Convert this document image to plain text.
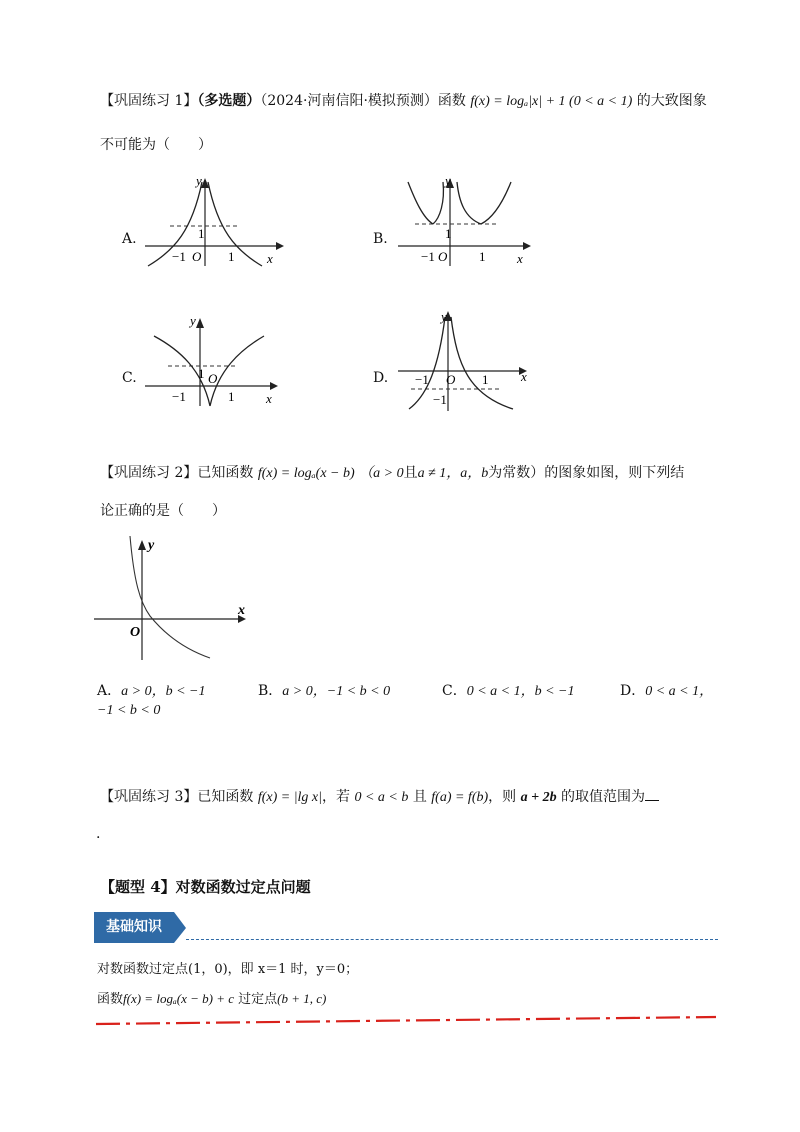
【巩固练习 1】（多选题）（2024·河南信阳·模拟预测）函数 f(x) = logₐ|x| + 1 (0 < a < 1) 的大致图象
不可能为（　　）
A.	B.
C.	D.
y
x
O
1
1
−1
y
x
O
1
1
−1
y
x
O
1
1
−1
y
x
O 1
−1
−1
【巩固练习 2】已知函数 f(x) = logₐ(x − b) （a > 0且a ≠ 1，a，b为常数）的图象如图，则下列结
论正确的是（　　）
y
x
O
A．a > 0，b < −1	B．a > 0，−1 < b < 0	C．0 < a < 1，b < −1	D．0 < a < 1，
−1 < b < 0
【巩固练习 3】已知函数 f(x) = |lg x|，若 0 < a < b 且 f(a) = f(b)，则 a + 2b 的取值范围为
.
【题型 4】对数函数过定点问题
基础知识
对数函数过定点(1，0)，即 x＝1 时，y＝0；
函数f(x) = logₐ(x − b) + c 过定点(b + 1, c)
